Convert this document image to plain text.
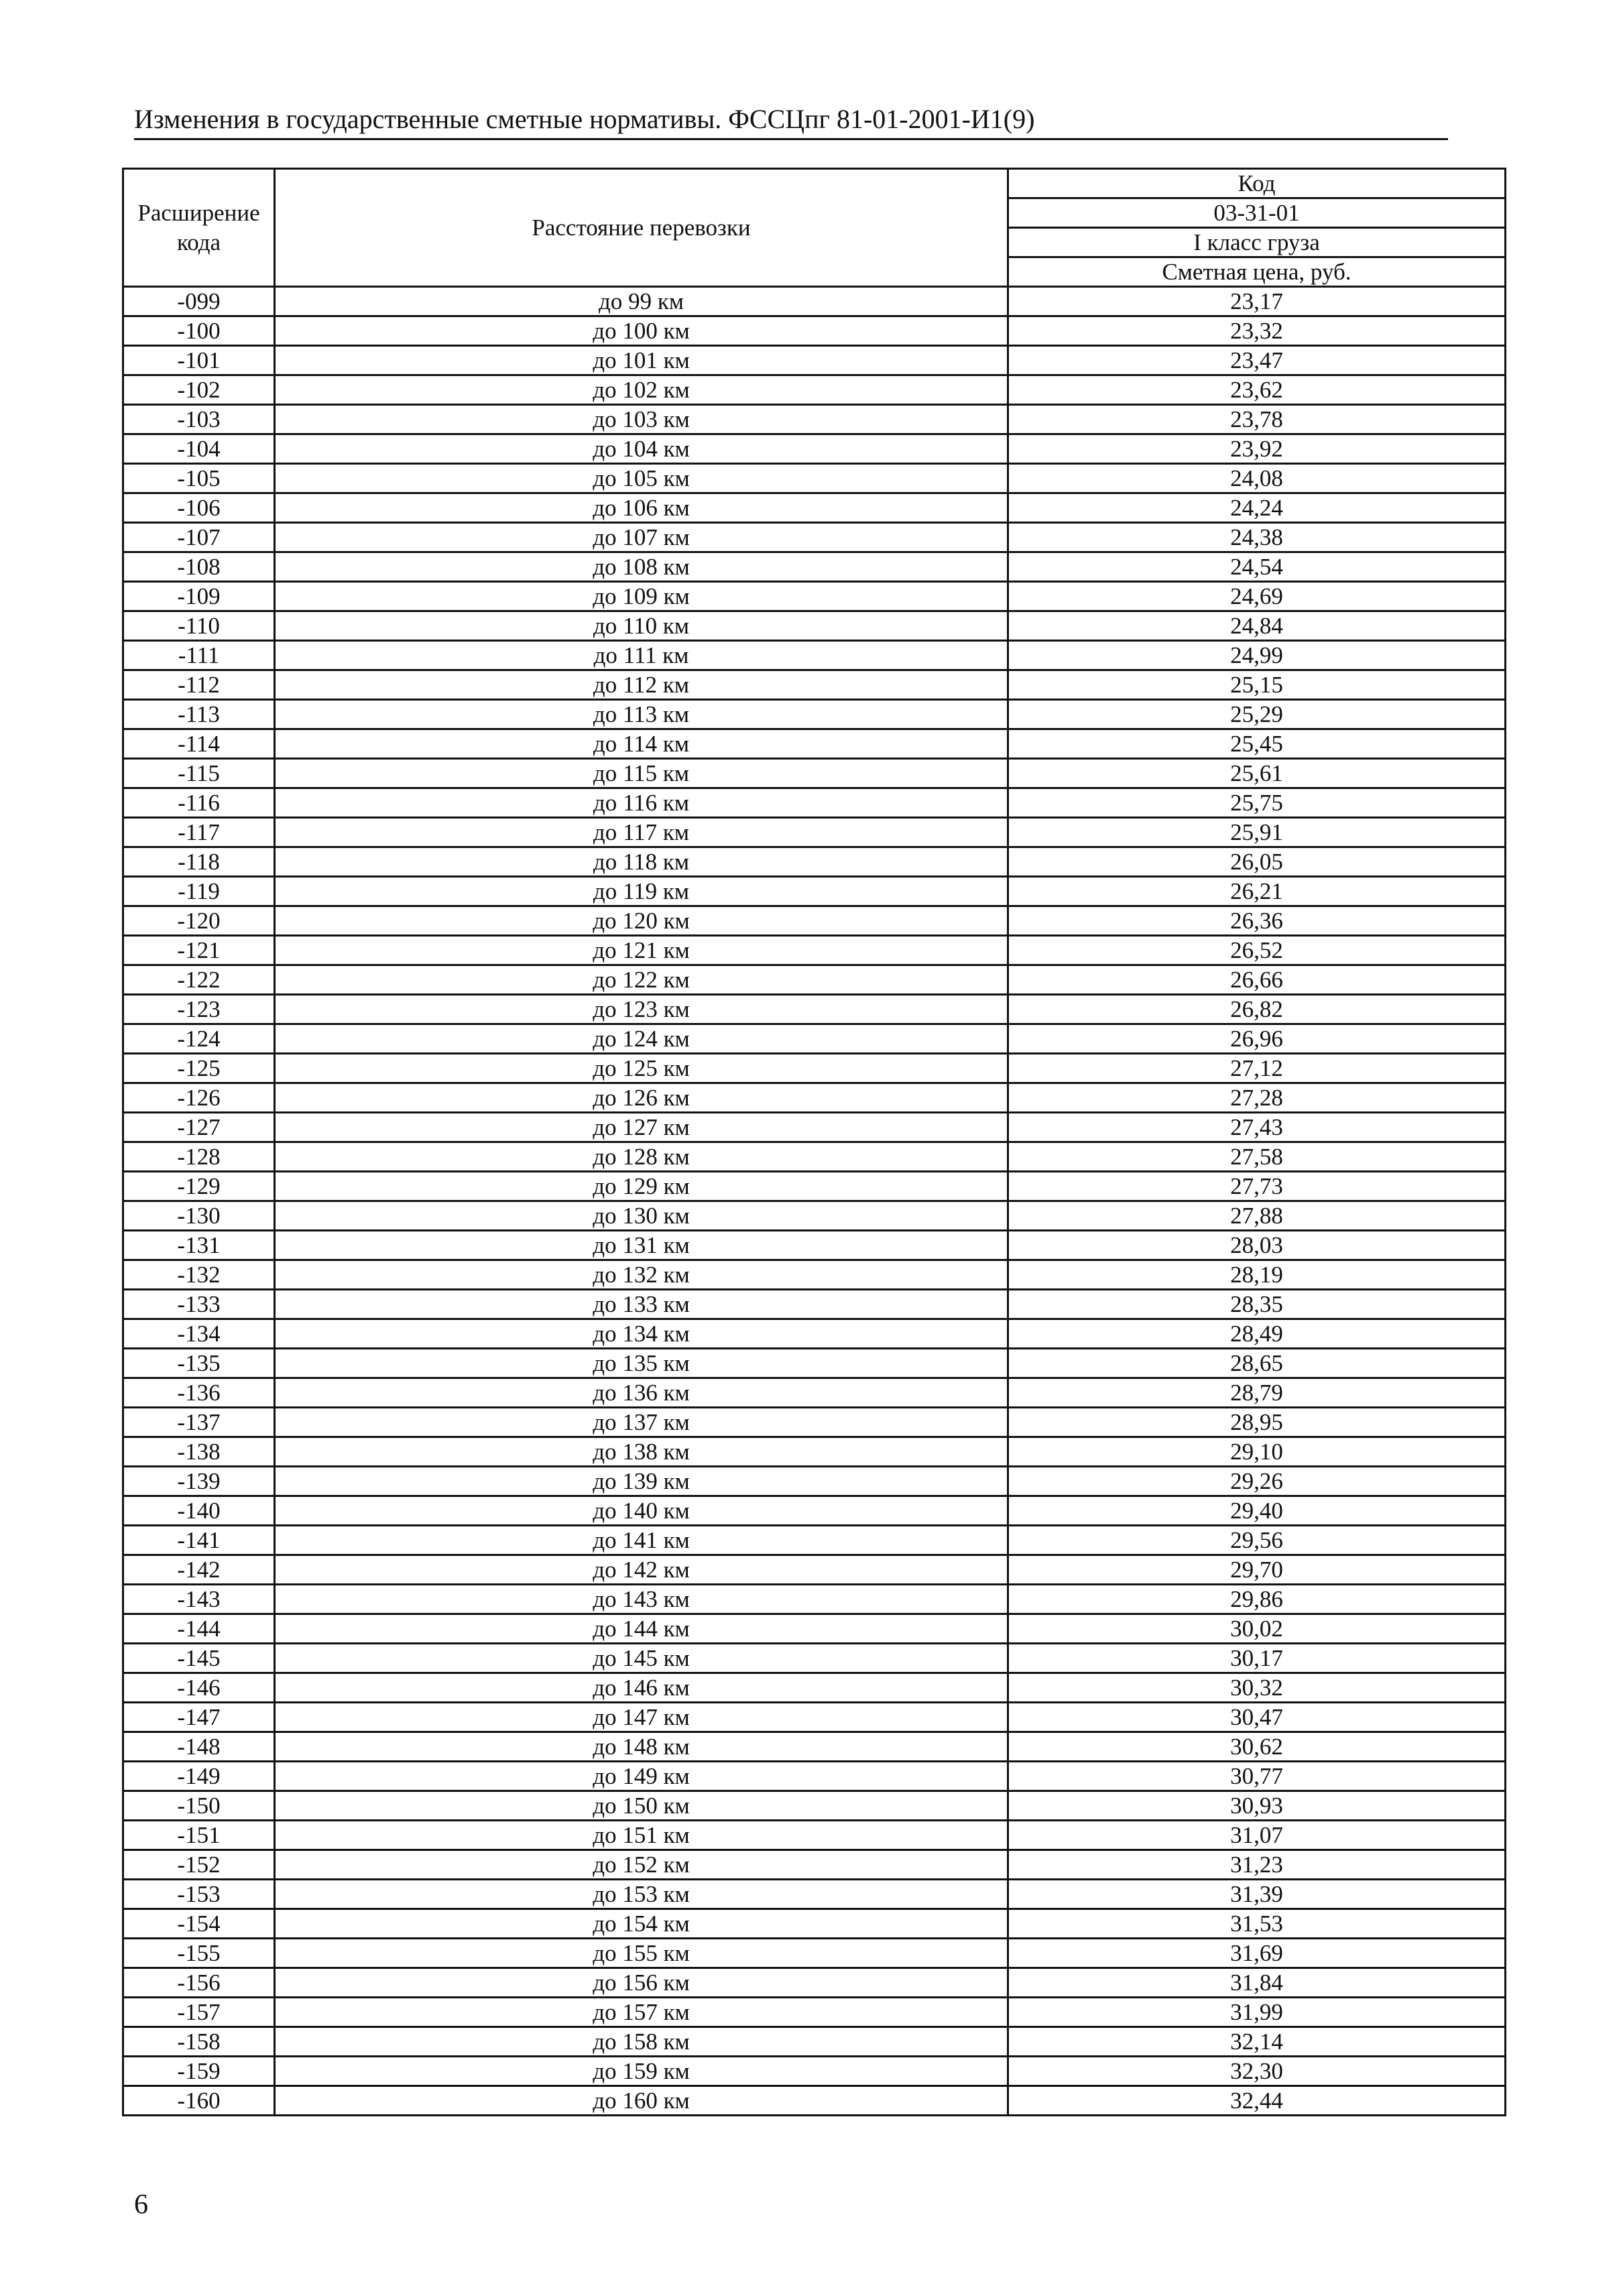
Изменения в государственные сметные нормативы. ФССЦпг 81-01-2001-И1(9)
Расширение кода	Расстояние перевозки	Код
		03-31-01
		I класс груза
		Сметная цена, руб.
-099	до 99 км	23,17
-100	до 100 км	23,32
-101	до 101 км	23,47
-102	до 102 км	23,62
-103	до 103 км	23,78
-104	до 104 км	23,92
-105	до 105 км	24,08
-106	до 106 км	24,24
-107	до 107 км	24,38
-108	до 108 км	24,54
-109	до 109 км	24,69
-110	до 110 км	24,84
-111	до 111 км	24,99
-112	до 112 км	25,15
-113	до 113 км	25,29
-114	до 114 км	25,45
-115	до 115 км	25,61
-116	до 116 км	25,75
-117	до 117 км	25,91
-118	до 118 км	26,05
-119	до 119 км	26,21
-120	до 120 км	26,36
-121	до 121 км	26,52
-122	до 122 км	26,66
-123	до 123 км	26,82
-124	до 124 км	26,96
-125	до 125 км	27,12
-126	до 126 км	27,28
-127	до 127 км	27,43
-128	до 128 км	27,58
-129	до 129 км	27,73
-130	до 130 км	27,88
-131	до 131 км	28,03
-132	до 132 км	28,19
-133	до 133 км	28,35
-134	до 134 км	28,49
-135	до 135 км	28,65
-136	до 136 км	28,79
-137	до 137 км	28,95
-138	до 138 км	29,10
-139	до 139 км	29,26
-140	до 140 км	29,40
-141	до 141 км	29,56
-142	до 142 км	29,70
-143	до 143 км	29,86
-144	до 144 км	30,02
-145	до 145 км	30,17
-146	до 146 км	30,32
-147	до 147 км	30,47
-148	до 148 км	30,62
-149	до 149 км	30,77
-150	до 150 км	30,93
-151	до 151 км	31,07
-152	до 152 км	31,23
-153	до 153 км	31,39
-154	до 154 км	31,53
-155	до 155 км	31,69
-156	до 156 км	31,84
-157	до 157 км	31,99
-158	до 158 км	32,14
-159	до 159 км	32,30
-160	до 160 км	32,44
6
